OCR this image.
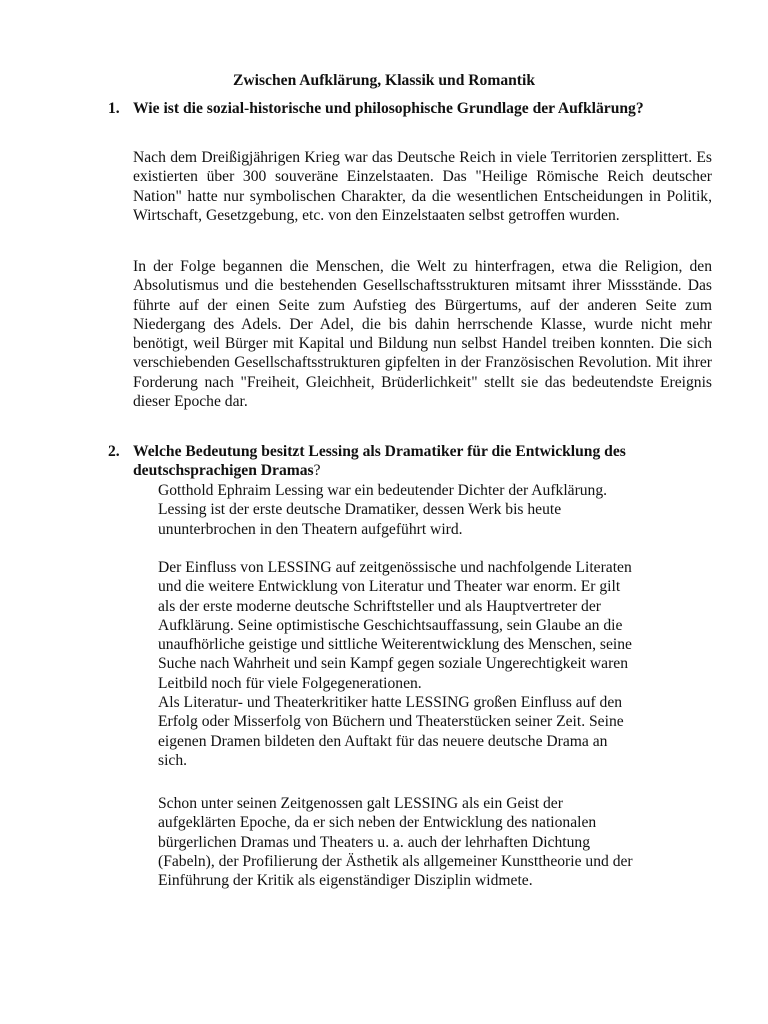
Zwischen Aufklärung, Klassik und Romantik
1. Wie ist die sozial-historische und philosophische Grundlage der Aufklärung?

Nach dem Dreißigjährigen Krieg war das Deutsche Reich in viele Territorien zersplittert. Es existierten über 300 souveräne Einzelstaaten. Das "Heilige Römische Reich deutscher Nation" hatte nur symbolischen Charakter, da die wesentlichen Entscheidungen in Politik, Wirtschaft, Gesetzgebung, etc. von den Einzelstaaten selbst getroffen wurden.

In der Folge begannen die Menschen, die Welt zu hinterfragen, etwa die Religion, den Absolutismus und die bestehenden Gesellschaftsstrukturen mitsamt ihrer Missstände. Das führte auf der einen Seite zum Aufstieg des Bürgertums, auf der anderen Seite zum Niedergang des Adels. Der Adel, die bis dahin herrschende Klasse, wurde nicht mehr benötigt, weil Bürger mit Kapital und Bildung nun selbst Handel treiben konnten. Die sich verschiebenden Gesellschaftsstrukturen gipfelten in der Französischen Revolution. Mit ihrer Forderung nach "Freiheit, Gleichheit, Brüderlichkeit" stellt sie das bedeutendste Ereignis dieser Epoche dar.

2. Welche Bedeutung besitzt Lessing als Dramatiker für die Entwicklung des deutschsprachigen Dramas?
Gotthold Ephraim Lessing war ein bedeutender Dichter der Aufklärung.
Lessing ist der erste deutsche Dramatiker, dessen Werk bis heute
ununterbrochen in den Theatern aufgeführt wird.
Der Einfluss von LESSING auf zeitgenössische und nachfolgende Literaten
und die weitere Entwicklung von Literatur und Theater war enorm. Er gilt
als der erste moderne deutsche Schriftsteller und als Hauptvertreter der
Aufklärung. Seine optimistische Geschichtsauffassung, sein Glaube an die
unaufhörliche geistige und sittliche Weiterentwicklung des Menschen, seine
Suche nach Wahrheit und sein Kampf gegen soziale Ungerechtigkeit waren
Leitbild noch für viele Folgegenerationen.
Als Literatur- und Theaterkritiker hatte LESSING großen Einfluss auf den
Erfolg oder Misserfolg von Büchern und Theaterstücken seiner Zeit. Seine
eigenen Dramen bildeten den Auftakt für das neuere deutsche Drama an
sich.
Schon unter seinen Zeitgenossen galt LESSING als ein Geist der
aufgeklärten Epoche, da er sich neben der Entwicklung des nationalen
bürgerlichen Dramas und Theaters u. a. auch der lehrhaften Dichtung
(Fabeln), der Profilierung der Ästhetik als allgemeiner Kunsttheorie und der
Einführung der Kritik als eigenständiger Disziplin widmete.
